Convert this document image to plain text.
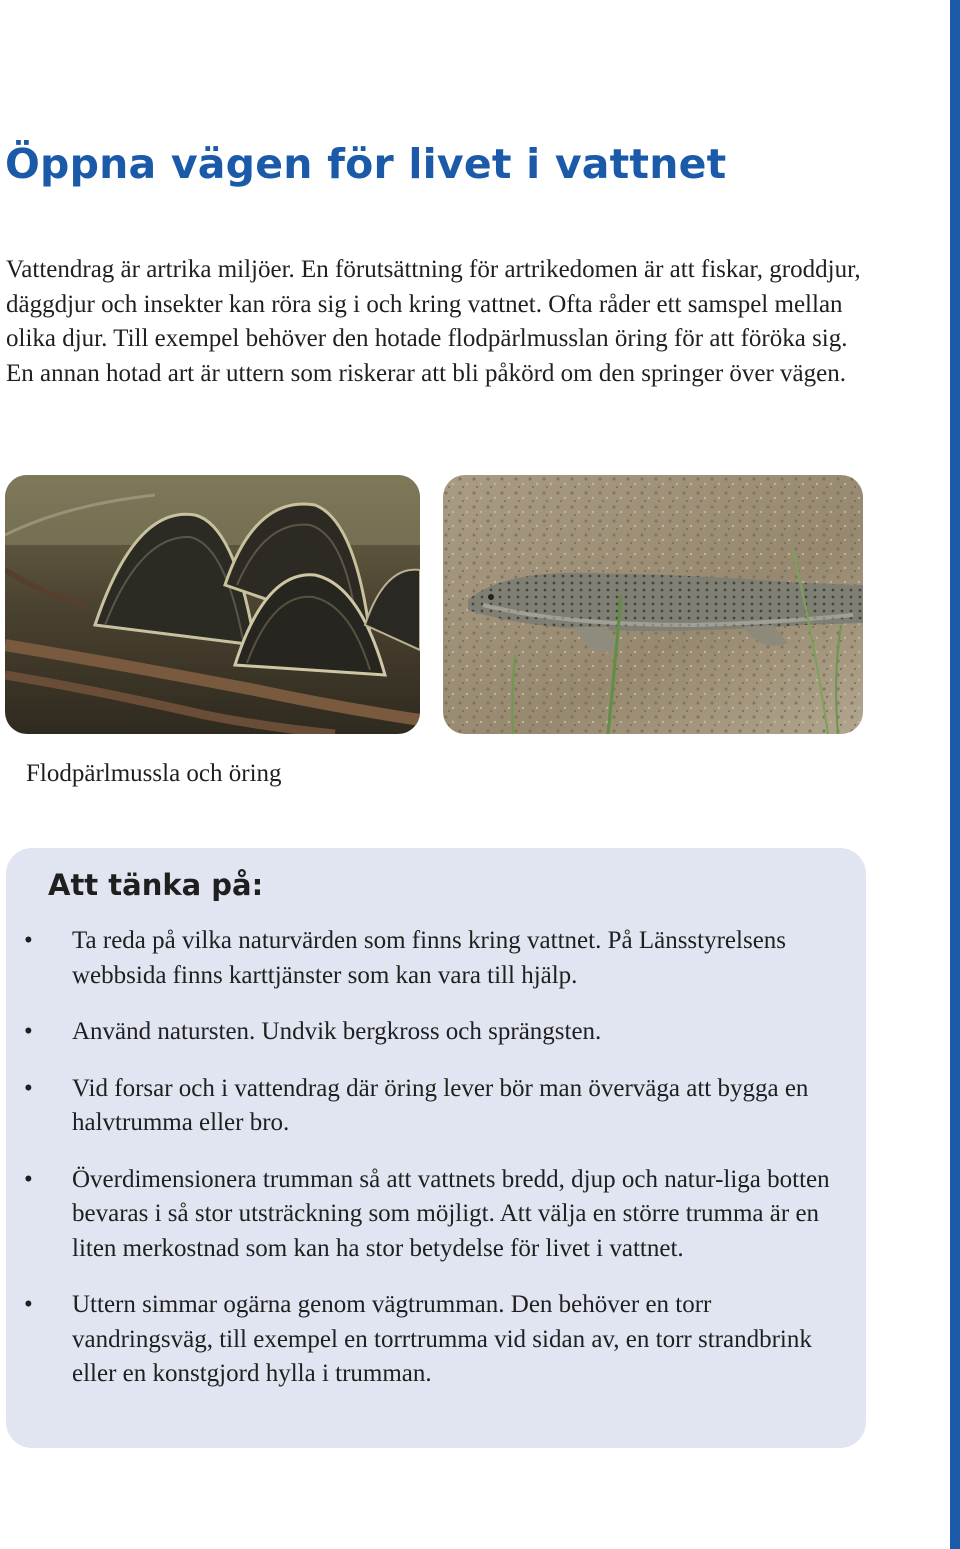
Öppna vägen för livet i vattnet

Vattendrag är artrika miljöer. En förutsättning för artrikedomen är att fiskar, groddjur, däggdjur och insekter kan röra sig i och kring vattnet. Ofta råder ett samspel mellan olika djur. Till exempel behöver den hotade flodpärlmusslan öring för att föröka sig. En annan hotad art är uttern som riskerar att bli påkörd om den springer över vägen.

Flodpärlmussla och öring

Att tänka på:
• Ta reda på vilka naturvärden som finns kring vattnet. På Länsstyrelsens webbsida finns karttjänster som kan vara till hjälp.
• Använd natursten. Undvik bergkross och sprängsten.
• Vid forsar och i vattendrag där öring lever bör man överväga att bygga en halvtrumma eller bro.
• Överdimensionera trumman så att vattnets bredd, djup och natur-liga botten bevaras i så stor utsträckning som möjligt. Att välja en större trumma är en liten merkostnad som kan ha stor betydelse för livet i vattnet.
• Uttern simmar ogärna genom vägtrumman. Den behöver en torr vandringsväg, till exempel en torrtrumma vid sidan av, en torr strandbrink eller en konstgjord hylla i trumman.
